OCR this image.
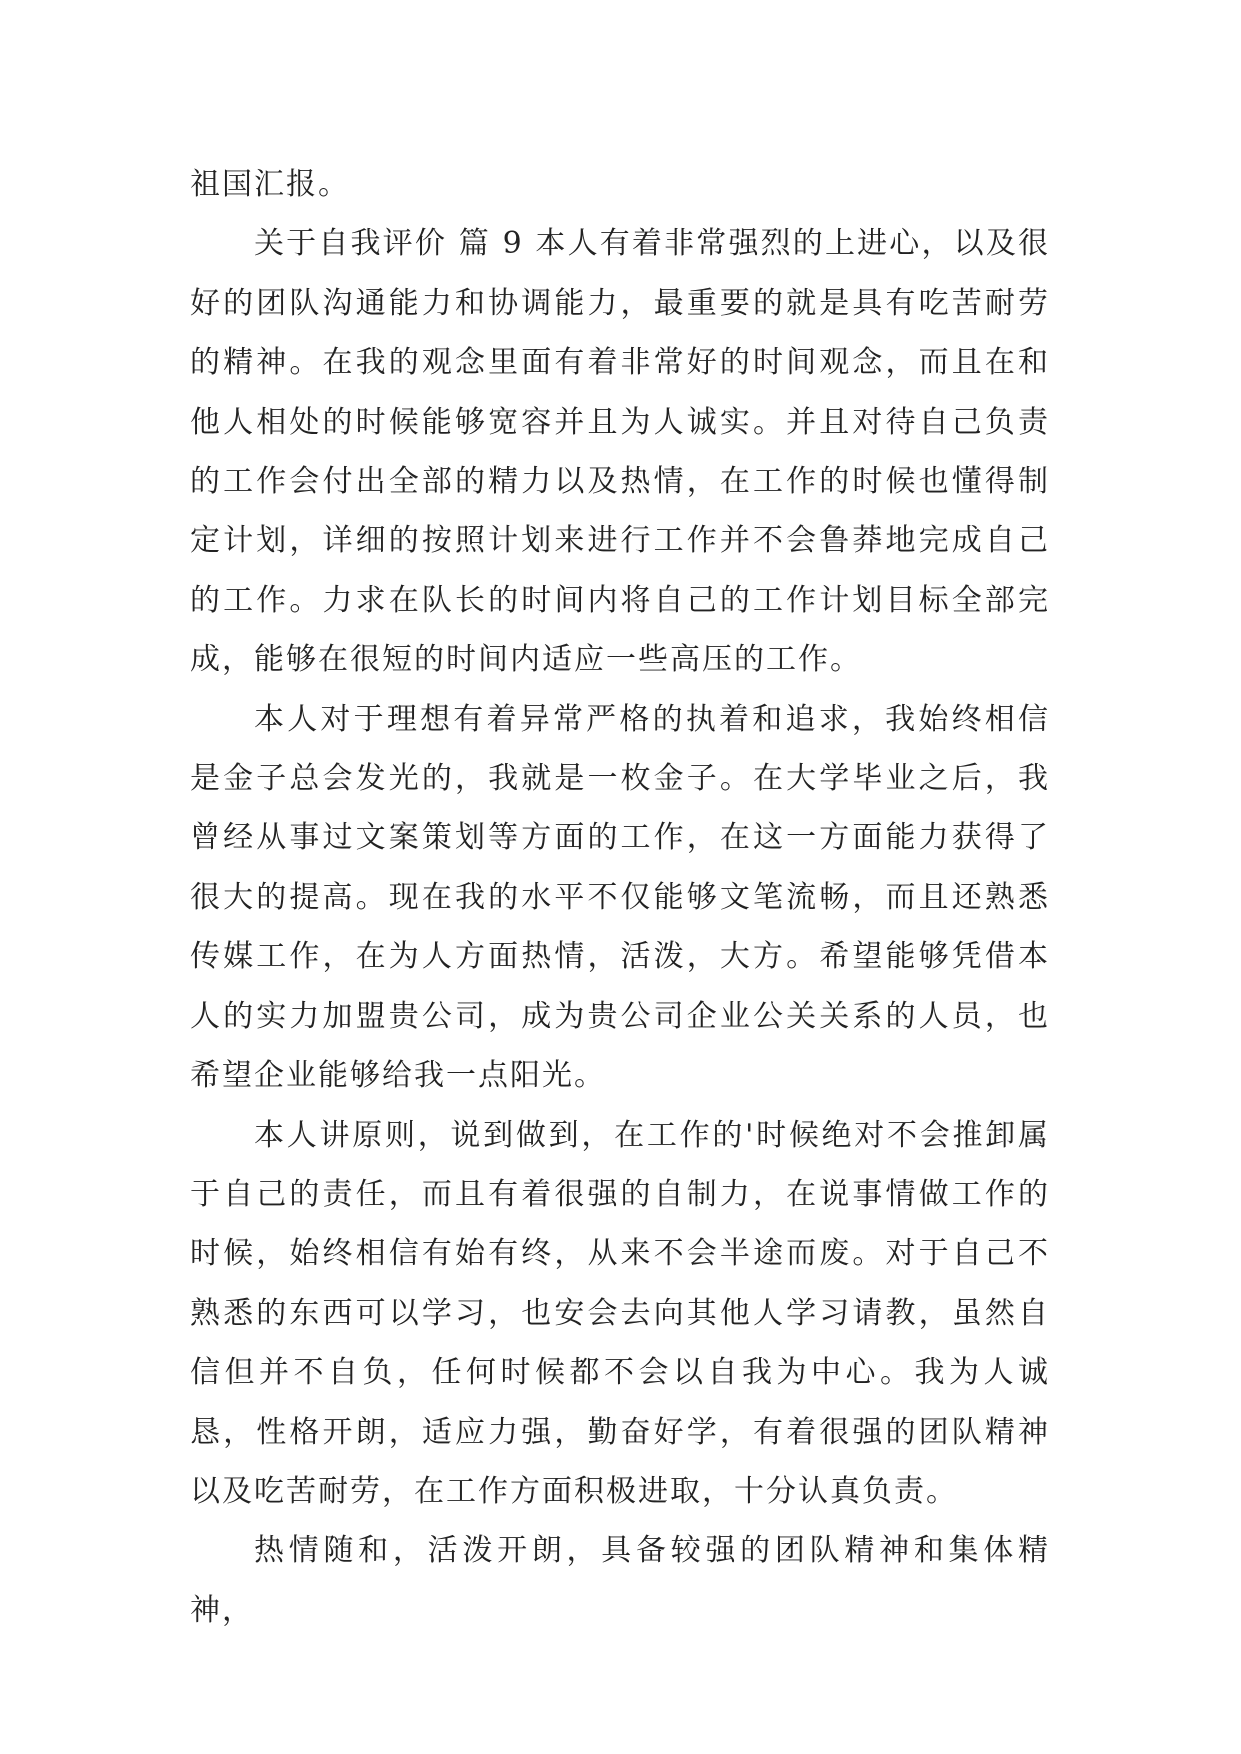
祖国汇报。

关于自我评价 篇 9 本人有着非常强烈的上进心，以及很好的团队沟通能力和协调能力，最重要的就是具有吃苦耐劳的精神。在我的观念里面有着非常好的时间观念，而且在和他人相处的时候能够宽容并且为人诚实。并且对待自己负责的工作会付出全部的精力以及热情，在工作的时候也懂得制定计划，详细的按照计划来进行工作并不会鲁莽地完成自己的工作。力求在队长的时间内将自己的工作计划目标全部完成，能够在很短的时间内适应一些高压的工作。

本人对于理想有着异常严格的执着和追求，我始终相信是金子总会发光的，我就是一枚金子。在大学毕业之后，我曾经从事过文案策划等方面的工作，在这一方面能力获得了很大的提高。现在我的水平不仅能够文笔流畅，而且还熟悉传媒工作，在为人方面热情，活泼，大方。希望能够凭借本人的实力加盟贵公司，成为贵公司企业公关关系的人员，也希望企业能够给我一点阳光。

本人讲原则，说到做到，在工作的'时候绝对不会推卸属于自己的责任，而且有着很强的自制力，在说事情做工作的时候，始终相信有始有终，从来不会半途而废。对于自己不熟悉的东西可以学习，也安会去向其他人学习请教，虽然自信但并不自负，任何时候都不会以自我为中心。我为人诚恳，性格开朗，适应力强，勤奋好学，有着很强的团队精神以及吃苦耐劳，在工作方面积极进取，十分认真负责。

热情随和，活泼开朗，具备较强的团队精神和集体精神，
